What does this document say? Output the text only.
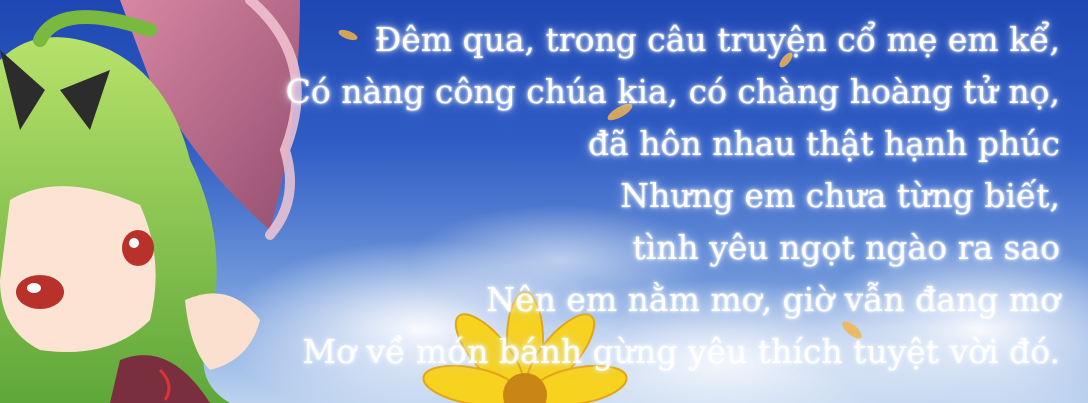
Đêm qua, trong câu truyện cổ mẹ em kể,
Có nàng công chúa kia, có chàng hoàng tử nọ,
đã hôn nhau thật hạnh phúc
Nhưng em chưa từng biết,
tình yêu ngọt ngào ra sao
Nên em nằm mơ, giờ vẫn đang mơ
Mơ về món bánh gừng yêu thích tuyệt vời đó.
